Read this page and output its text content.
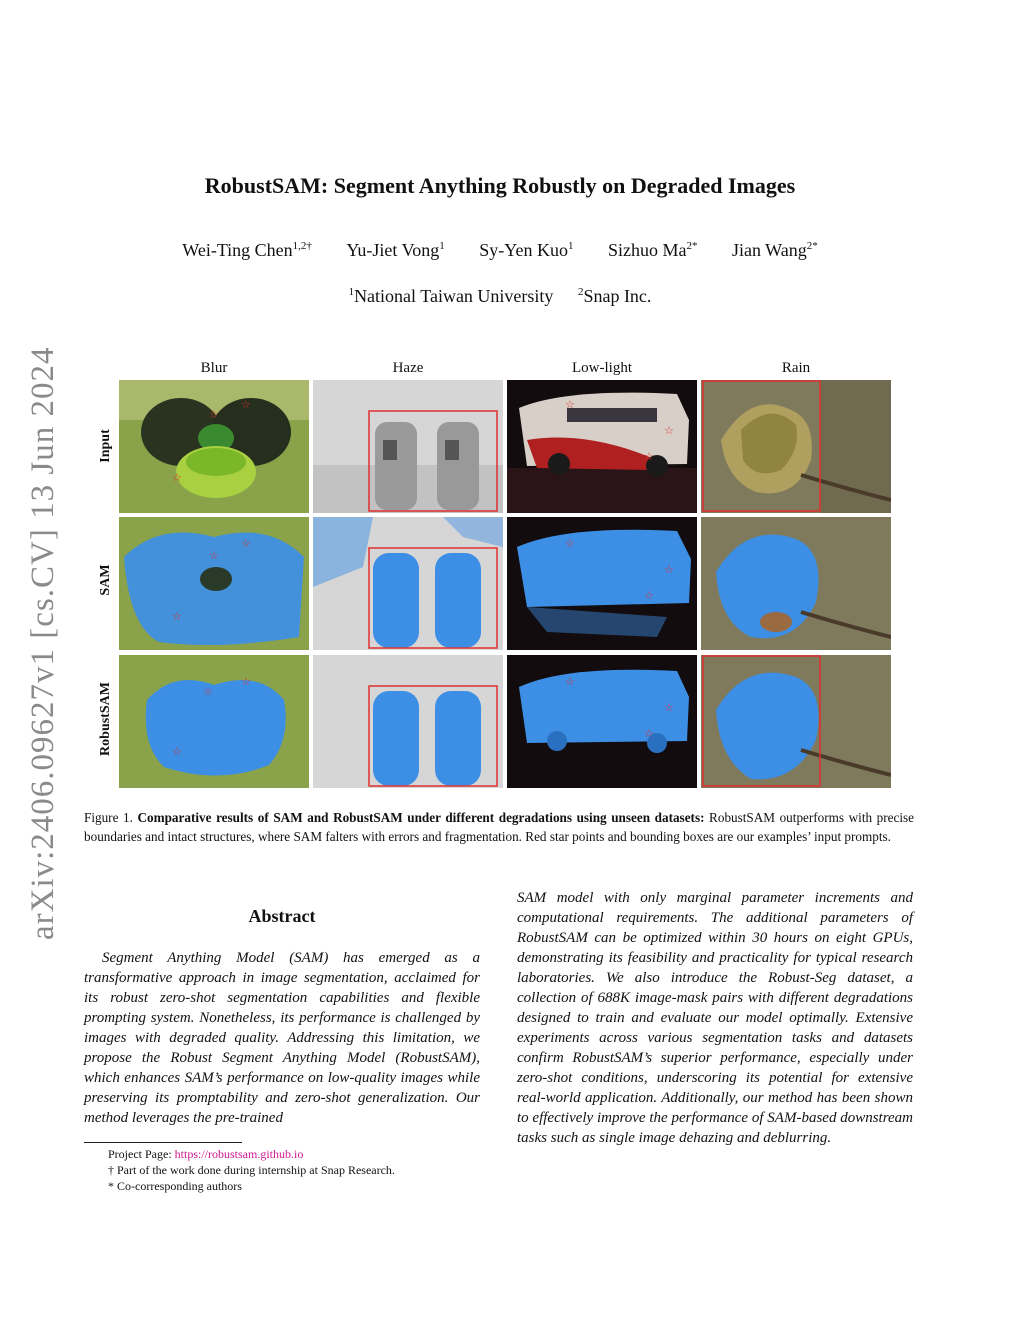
arXiv:2406.09627v1 [cs.CV] 13 Jun 2024
RobustSAM: Segment Anything Robustly on Degraded Images
Wei-Ting Chen$^{1,2\dagger}$ Yu-Jiet Vong$^1$ Sy-Yen Kuo$^1$ Sizhuo $Ma^{2*}$ Jian Wang$^{2*}$
$^1$National Taiwan University $^2$Snap Inc.
Blur	Haze	Low-light	Rain
Input
SAM
RobustSAM
☆
☆
☆
☆
☆
☆
☆
☆
☆
☆
☆
☆
☆
☆
☆
☆
☆
☆
Figure 1. Comparative results of SAM and RobustSAM under different degradations using unseen datasets: RobustSAM outperforms with precise boundaries and intact structures, where SAM falters with errors and fragmentation. Red star points and bounding boxes are our examples’ input prompts.
Abstract
Segment Anything Model (SAM) has emerged as a transformative approach in image segmentation, acclaimed for its robust zero-shot segmentation capabilities and flexible prompting system. Nonetheless, its performance is challenged by images with degraded quality. Addressing this limitation, we propose the Robust Segment Anything Model (RobustSAM), which enhances SAM’s performance on low-quality images while preserving its promptability and zero-shot generalization. Our method leverages the pre-trained
SAM model with only marginal parameter increments and computational requirements. The additional parameters of RobustSAM can be optimized within 30 hours on eight GPUs, demonstrating its feasibility and practicality for typical research laboratories. We also introduce the Robust-Seg dataset, a collection of 688K image-mask pairs with different degradations designed to train and evaluate our model optimally. Extensive experiments across various segmentation tasks and datasets confirm RobustSAM’s superior performance, especially under zero-shot conditions, underscoring its potential for extensive real-world application. Additionally, our method has been shown to effectively improve the performance of SAM-based downstream tasks such as single image dehazing and deblurring.
Project Page: https://robustsam.github.io
† Part of the work done during internship at Snap Research.
* Co-corresponding authors
